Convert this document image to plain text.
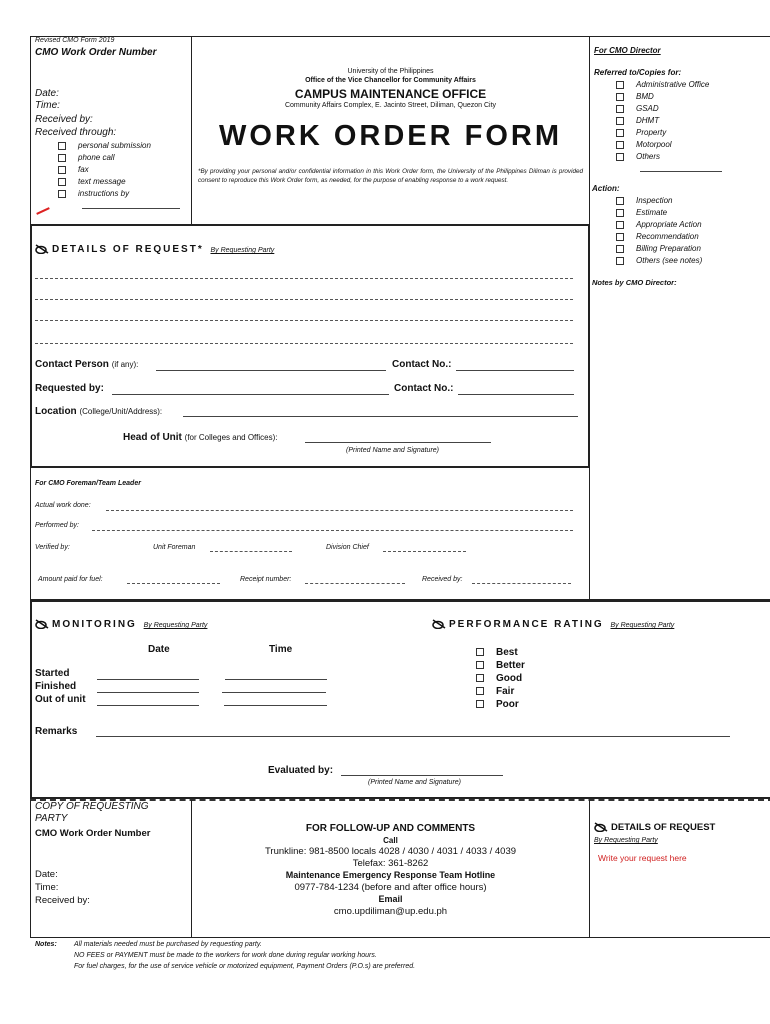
Revised CMO Form 2019
CMO Work Order Number
Date:
Time:
Received by:
Received through:
personal submission
phone call
fax
text message
instructions by
University of the Philippines
Office of the Vice Chancellor for Community Affairs
CAMPUS MAINTENANCE OFFICE
Community Affairs Complex, E. Jacinto Street, Diliman, Quezon City
WORK ORDER FORM
*By providing your personal and/or confidential information in this Work Order form, the University of the Philippines Diliman is provided consent to reproduce this Work Order form, as needed, for the purpose of enabling response to a work request.
For CMO Director
Referred to/Copies for:
Administrative Office
BMD
GSAD
DHMT
Property
Motorpool
Others
Action:
Inspection
Estimate
Appropriate Action
Recommendation
Billing Preparation
Others (see notes)
Notes by CMO Director:
DETAILS OF REQUEST* By Requesting Party
Contact Person (if any):	Contact No.:
Requested by:	Contact No.:
Location (College/Unit/Address):
Head of Unit (for Colleges and Offices):
(Printed Name and Signature)
For CMO Foreman/Team Leader
Actual work done:
Performed by:
Verified by:	Unit Foreman	Division Chief
Amount paid for fuel:	Receipt number:	Received by:
MONITORING By Requesting Party
Date	Time
Started
Finished
Out of unit
PERFORMANCE RATING By Requesting Party
Best
Better
Good
Fair
Poor
Remarks
Evaluated by:
(Printed Name and Signature)
COPY OF REQUESTING PARTY
CMO Work Order Number
Date:
Time:
Received by:
FOR FOLLOW-UP AND COMMENTS
Call
Trunkline: 981-8500 locals 4028 / 4030 / 4031 / 4033 / 4039
Telefax: 361-8262
Maintenance Emergency Response Team Hotline
0977-784-1234 (before and after office hours)
Email
cmo.updiliman@up.edu.ph
DETAILS OF REQUEST
By Requesting Party
Write your request here
Notes: All materials needed must be purchased by requesting party.
NO FEES or PAYMENT must be made to the workers for work done during regular working hours.
For fuel charges, for the use of service vehicle or motorized equipment, Payment Orders (P.O.s) are preferred.
